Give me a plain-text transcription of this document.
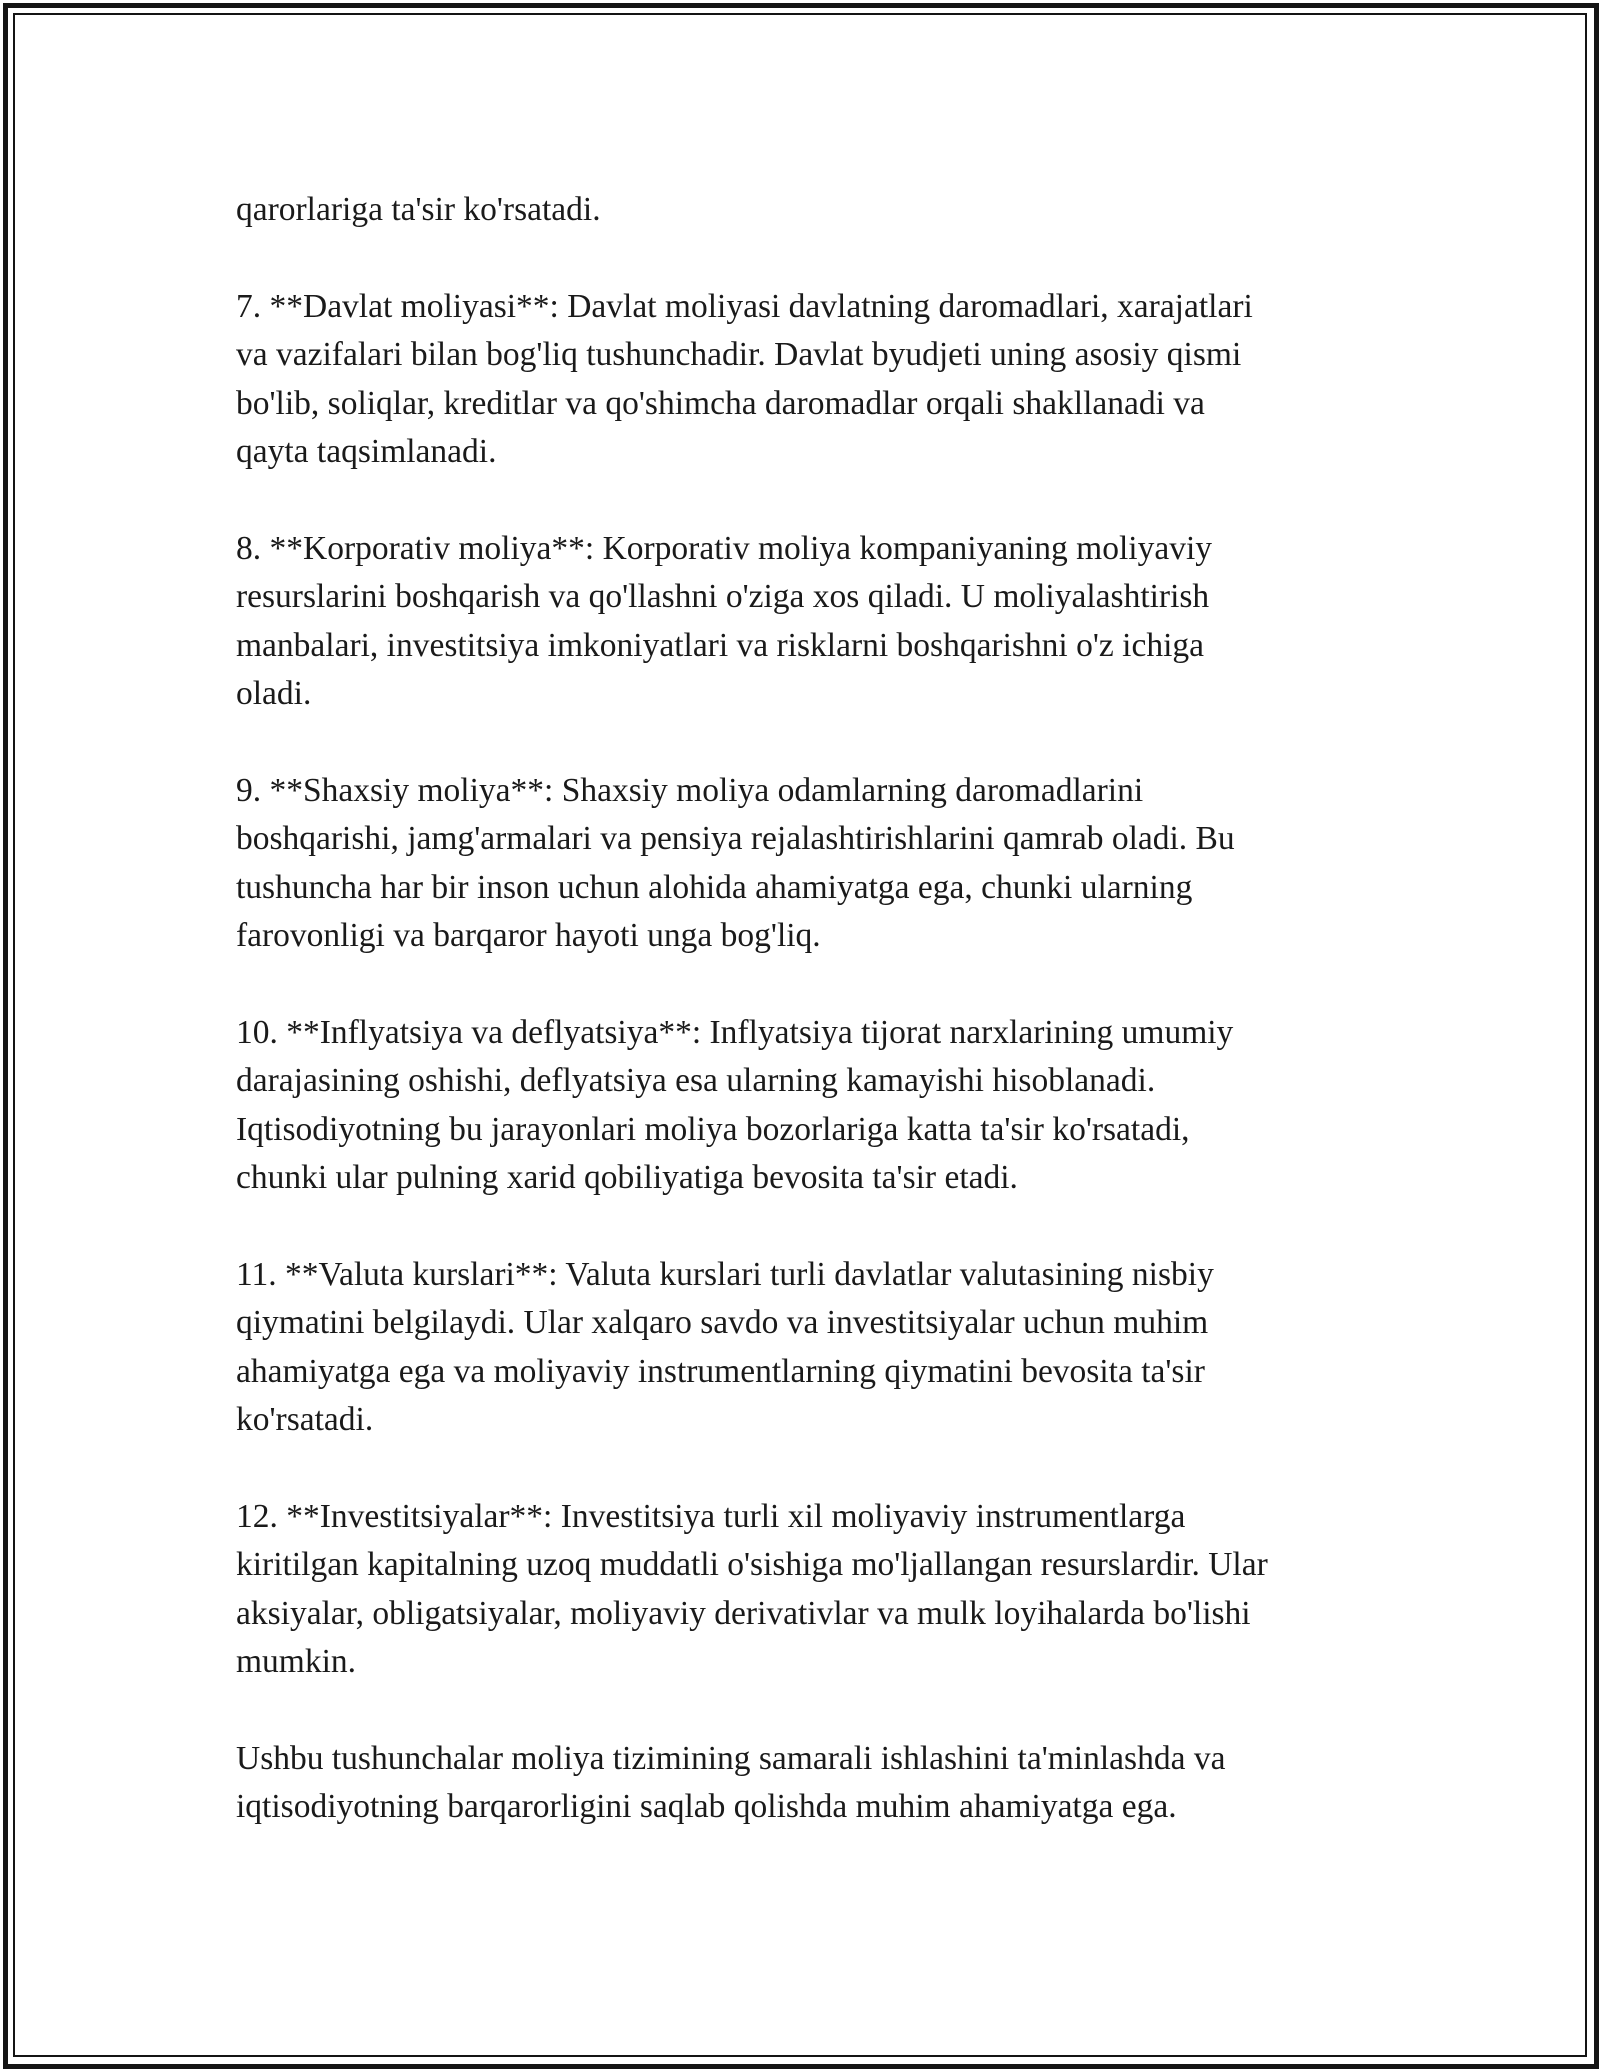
qarorlariga ta'sir ko'rsatadi.

7. **Davlat moliyasi**: Davlat moliyasi davlatning daromadlari, xarajatlari
va vazifalari bilan bog'liq tushunchadir. Davlat byudjeti uning asosiy qismi
bo'lib, soliqlar, kreditlar va qo'shimcha daromadlar orqali shakllanadi va
qayta taqsimlanadi.

8. **Korporativ moliya**: Korporativ moliya kompaniyaning moliyaviy
resurslarini boshqarish va qo'llashni o'ziga xos qiladi. U moliyalashtirish
manbalari, investitsiya imkoniyatlari va risklarni boshqarishni o'z ichiga
oladi.

9. **Shaxsiy moliya**: Shaxsiy moliya odamlarning daromadlarini
boshqarishi, jamg'armalari va pensiya rejalashtirishlarini qamrab oladi. Bu
tushuncha har bir inson uchun alohida ahamiyatga ega, chunki ularning
farovonligi va barqaror hayoti unga bog'liq.

10. **Inflyatsiya va deflyatsiya**: Inflyatsiya tijorat narxlarining umumiy
darajasining oshishi, deflyatsiya esa ularning kamayishi hisoblanadi.
Iqtisodiyotning bu jarayonlari moliya bozorlariga katta ta'sir ko'rsatadi,
chunki ular pulning xarid qobiliyatiga bevosita ta'sir etadi.

11. **Valuta kurslari**: Valuta kurslari turli davlatlar valutasining nisbiy
qiymatini belgilaydi. Ular xalqaro savdo va investitsiyalar uchun muhim
ahamiyatga ega va moliyaviy instrumentlarning qiymatini bevosita ta'sir
ko'rsatadi.

12. **Investitsiyalar**: Investitsiya turli xil moliyaviy instrumentlarga
kiritilgan kapitalning uzoq muddatli o'sishiga mo'ljallangan resurslardir. Ular
aksiyalar, obligatsiyalar, moliyaviy derivativlar va mulk loyihalarda bo'lishi
mumkin.

Ushbu tushunchalar moliya tizimining samarali ishlashini ta'minlashda va
iqtisodiyotning barqarorligini saqlab qolishda muhim ahamiyatga ega.
